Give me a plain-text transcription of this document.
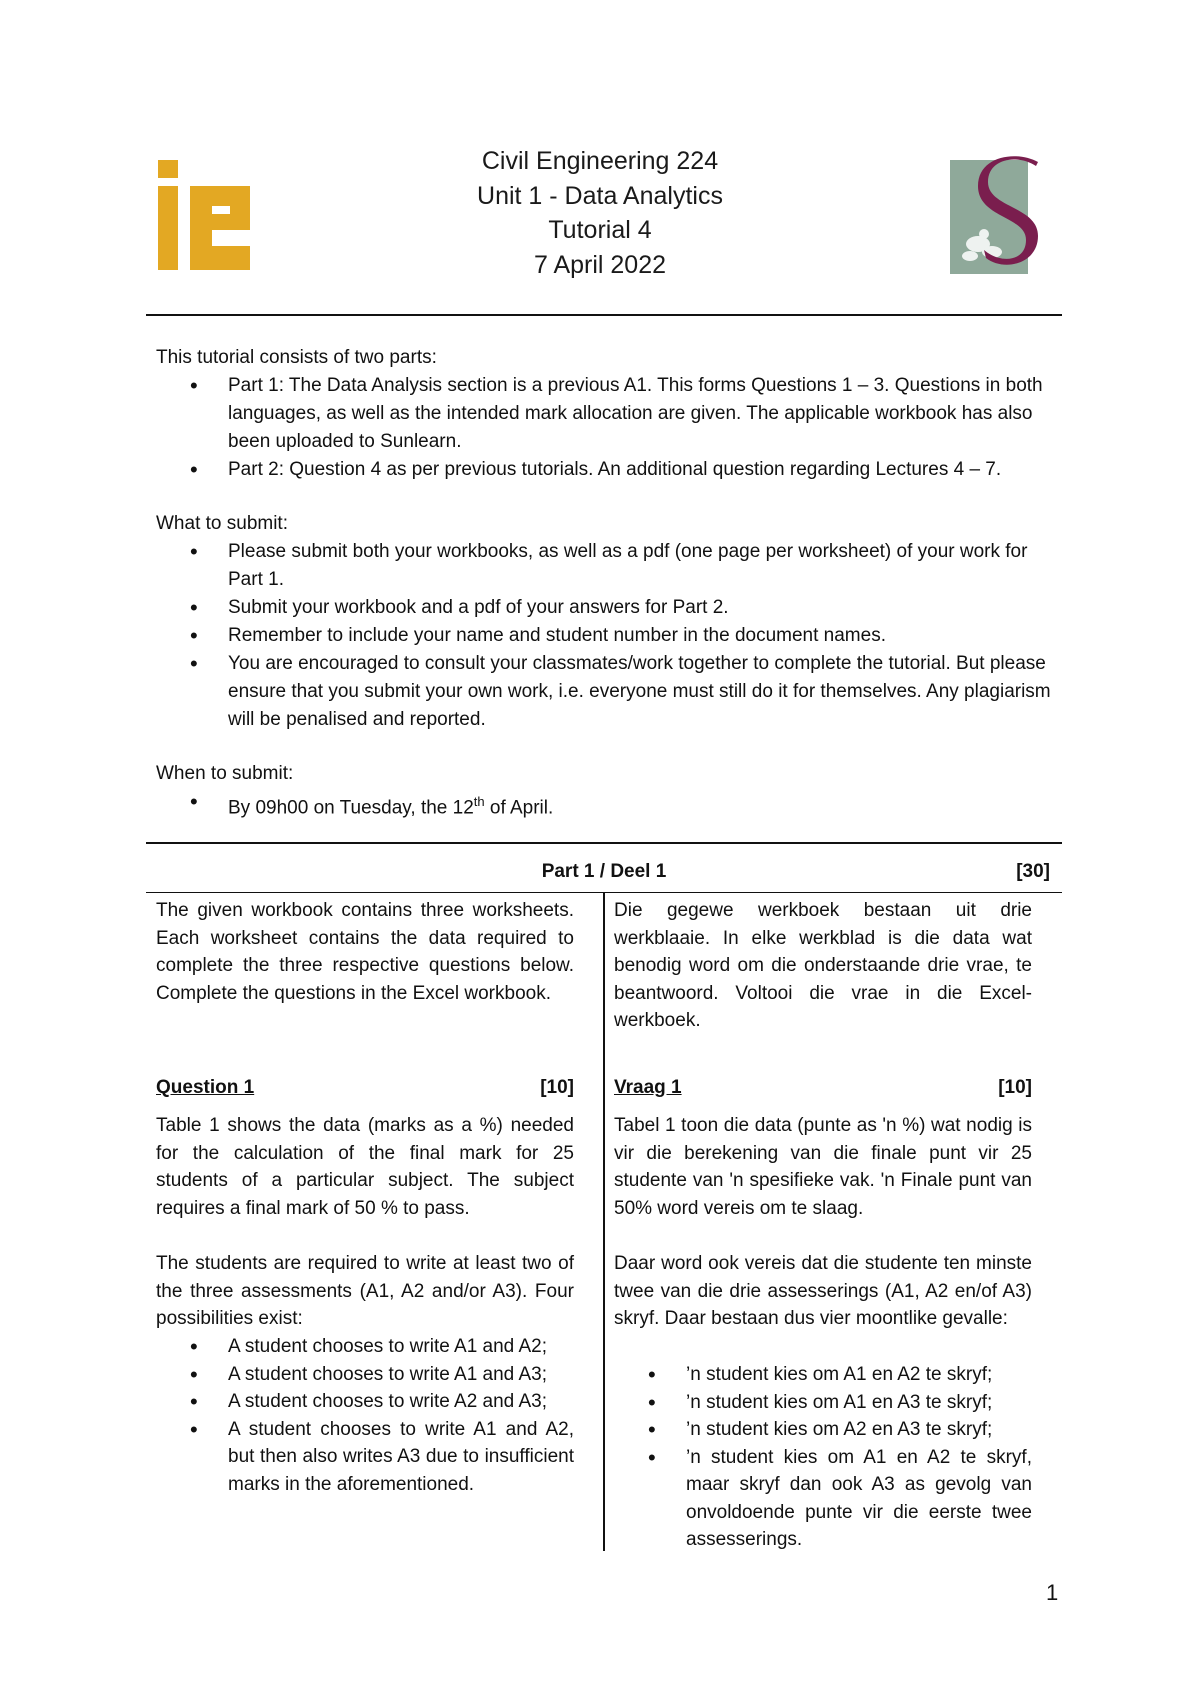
Civil Engineering 224
Unit 1 - Data Analytics
Tutorial 4
7 April 2022
This tutorial consists of two parts:
• Part 1: The Data Analysis section is a previous A1. This forms Questions 1 – 3. Questions in both languages, as well as the intended mark allocation are given. The applicable workbook has also been uploaded to Sunlearn.
• Part 2: Question 4 as per previous tutorials. An additional question regarding Lectures 4 – 7.
What to submit:
• Please submit both your workbooks, as well as a pdf (one page per worksheet) of your work for Part 1.
• Submit your workbook and a pdf of your answers for Part 2.
• Remember to include your name and student number in the document names.
• You are encouraged to consult your classmates/work together to complete the tutorial. But please ensure that you submit your own work, i.e. everyone must still do it for themselves. Any plagiarism will be penalised and reported.
When to submit:
• By 09h00 on Tuesday, the 12th of April.
Part 1 / Deel 1	[30]
The given workbook contains three worksheets. Each worksheet contains the data required to complete the three respective questions below. Complete the questions in the Excel workbook.
Question 1	[10]
Table 1 shows the data (marks as a %) needed for the calculation of the final mark for 25 students of a particular subject. The subject requires a final mark of 50 % to pass.
The students are required to write at least two of the three assessments (A1, A2 and/or A3). Four possibilities exist:
• A student chooses to write A1 and A2;
• A student chooses to write A1 and A3;
• A student chooses to write A2 and A3;
• A student chooses to write A1 and A2, but then also writes A3 due to insufficient marks in the aforementioned.
Die gegewe werkboek bestaan uit drie werkblaaie. In elke werkblad is die data wat benodig word om die onderstaande drie vrae, te beantwoord. Voltooi die vrae in die Excel-werkboek.
Vraag 1	[10]
Tabel 1 toon die data (punte as 'n %) wat nodig is vir die berekening van die finale punt vir 25 studente van 'n spesifieke vak. 'n Finale punt van 50% word vereis om te slaag.
Daar word ook vereis dat die studente ten minste twee van die drie assesserings (A1, A2 en/of A3) skryf. Daar bestaan dus vier moontlike gevalle:
• ’n student kies om A1 en A2 te skryf;
• ’n student kies om A1 en A3 te skryf;
• ’n student kies om A2 en A3 te skryf;
• ’n student kies om A1 en A2 te skryf, maar skryf dan ook A3 as gevolg van onvoldoende punte vir die eerste twee assesserings.
1
